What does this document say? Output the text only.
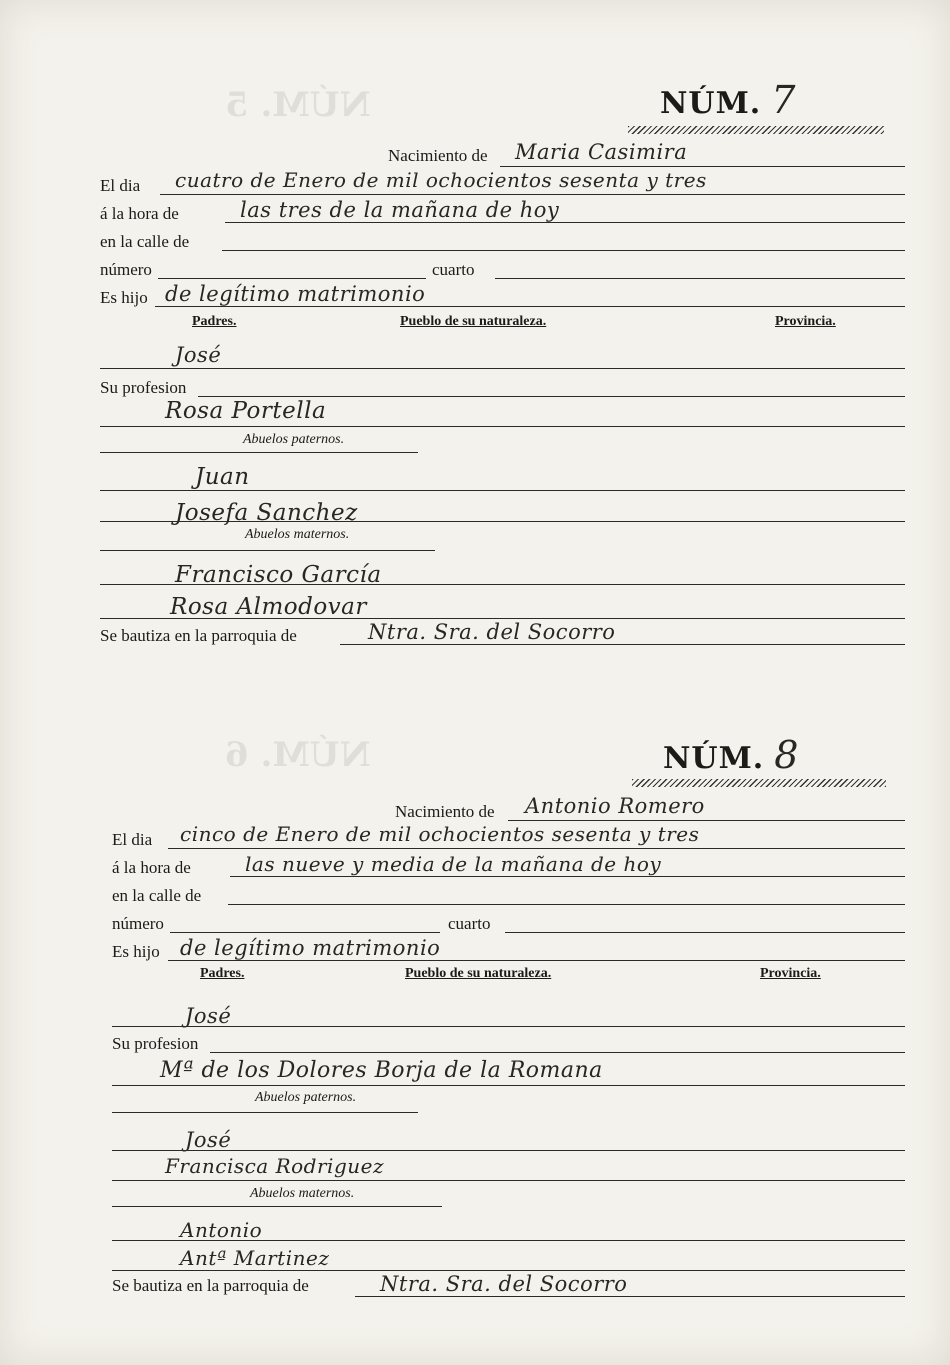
NÚM. 5
NÚM. 6
NÚM. 7
Nacimiento de Maria Casimira
El dia cuatro de Enero de mil ochocientos sesenta y tres
á la hora de	las tres de la mañana de hoy
en la calle de
número	cuarto
Es hijo de legítimo matrimonio
Padres.	Pueblo de su naturaleza.	Provincia.
José
Su profesion
Rosa Portella
Abuelos paternos.
Juan
Josefa Sanchez
Abuelos maternos.
Francisco García
Rosa Almodovar
Se bautiza en la parroquia de	Ntra. Sra. del Socorro
NÚM. 8
Nacimiento de Antonio Romero
El dia cinco de Enero de mil ochocientos sesenta y tres
á la hora de	las nueve y media de la mañana de hoy
en la calle de
número	cuarto
Es hijo de legítimo matrimonio
Padres.	Pueblo de su naturaleza.	Provincia.
José
Su profesion
Mª de los Dolores Borja de la Romana
Abuelos paternos.
José
Francisca Rodriguez
Abuelos maternos.
Antonio
Antª Martinez
Se bautiza en la parroquia de	Ntra. Sra. del Socorro
